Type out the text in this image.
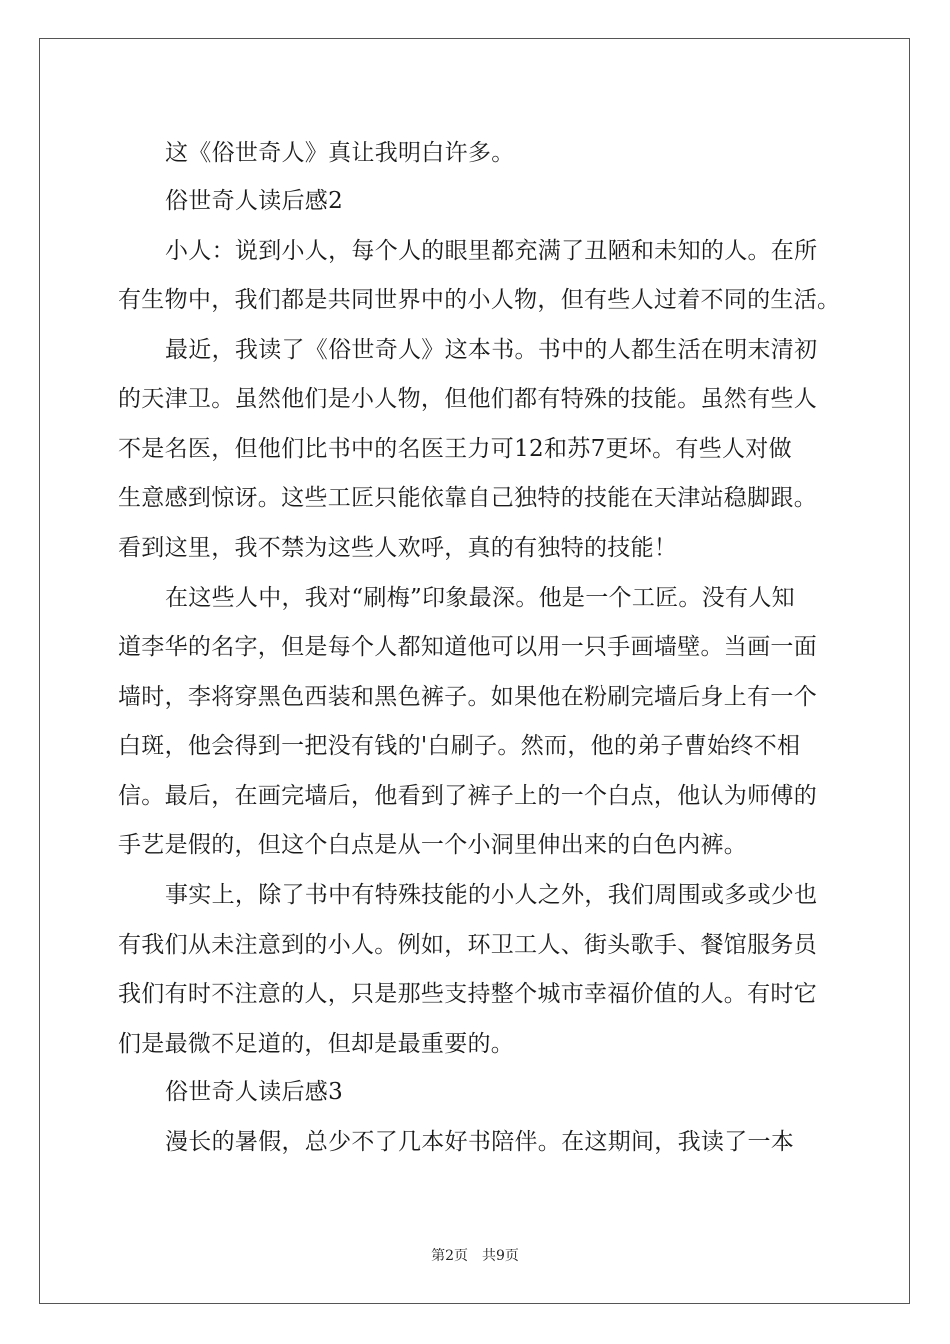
这《俗世奇人》真让我明白许多。
俗世奇人读后感2
小人：说到小人，每个人的眼里都充满了丑陋和未知的人。在所
有生物中，我们都是共同世界中的小人物，但有些人过着不同的生活。
最近，我读了《俗世奇人》这本书。书中的人都生活在明末清初
的天津卫。虽然他们是小人物，但他们都有特殊的技能。虽然有些人
不是名医，但他们比书中的名医王力可12和苏7更坏。有些人对做
生意感到惊讶。这些工匠只能依靠自己独特的技能在天津站稳脚跟。
看到这里，我不禁为这些人欢呼，真的有独特的技能！
在这些人中，我对“刷梅”印象最深。他是一个工匠。没有人知
道李华的名字，但是每个人都知道他可以用一只手画墙壁。当画一面
墙时，李将穿黑色西装和黑色裤子。如果他在粉刷完墙后身上有一个
白斑，他会得到一把没有钱的'白刷子。然而，他的弟子曹始终不相
信。最后，在画完墙后，他看到了裤子上的一个白点，他认为师傅的
手艺是假的，但这个白点是从一个小洞里伸出来的白色内裤。
事实上，除了书中有特殊技能的小人之外，我们周围或多或少也
有我们从未注意到的小人。例如，环卫工人、街头歌手、餐馆服务员
我们有时不注意的人，只是那些支持整个城市幸福价值的人。有时它
们是最微不足道的，但却是最重要的。
俗世奇人读后感3
漫长的暑假，总少不了几本好书陪伴。在这期间，我读了一本
第2页　共9页
